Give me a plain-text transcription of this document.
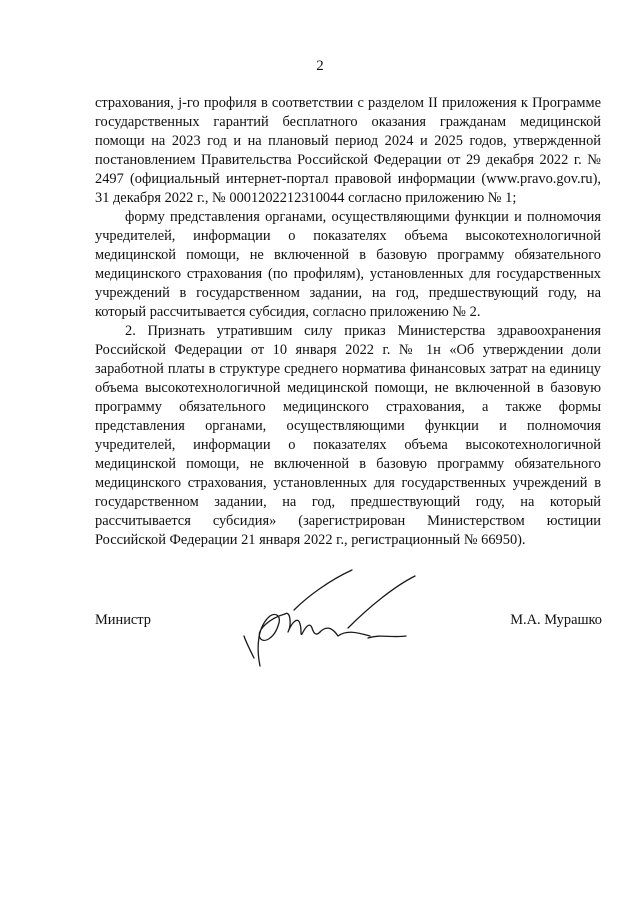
2

страхования, j-го профиля в соответствии с разделом II приложения к Программе государственных гарантий бесплатного оказания гражданам медицинской помощи на 2023 год и на плановый период 2024 и 2025 годов, утвержденной постановлением Правительства Российской Федерации от 29 декабря 2022 г. № 2497 (официальный интернет-портал правовой информации (www.pravo.gov.ru), 31 декабря 2022 г., № 0001202212310044 согласно приложению № 1;

форму представления органами, осуществляющими функции и полномочия учредителей, информации о показателях объема высокотехнологичной медицинской помощи, не включенной в базовую программу обязательного медицинского страхования (по профилям), установленных для государственных учреждений в государственном задании, на год, предшествующий году, на который рассчитывается субсидия, согласно приложению № 2.

2. Признать утратившим силу приказ Министерства здравоохранения Российской Федерации от 10 января 2022 г. № 1н «Об утверждении доли заработной платы в структуре среднего норматива финансовых затрат на единицу объема высокотехнологичной медицинской помощи, не включенной в базовую программу обязательного медицинского страхования, а также формы представления органами, осуществляющими функции и полномочия учредителей, информации о показателях объема высокотехнологичной медицинской помощи, не включенной в базовую программу обязательного медицинского страхования, установленных для государственных учреждений в государственном задании, на год, предшествующий году, на который рассчитывается субсидия» (зарегистрирован Министерством юстиции Российской Федерации 21 января 2022 г., регистрационный № 66950).

Министр	М.А. Мурашко
